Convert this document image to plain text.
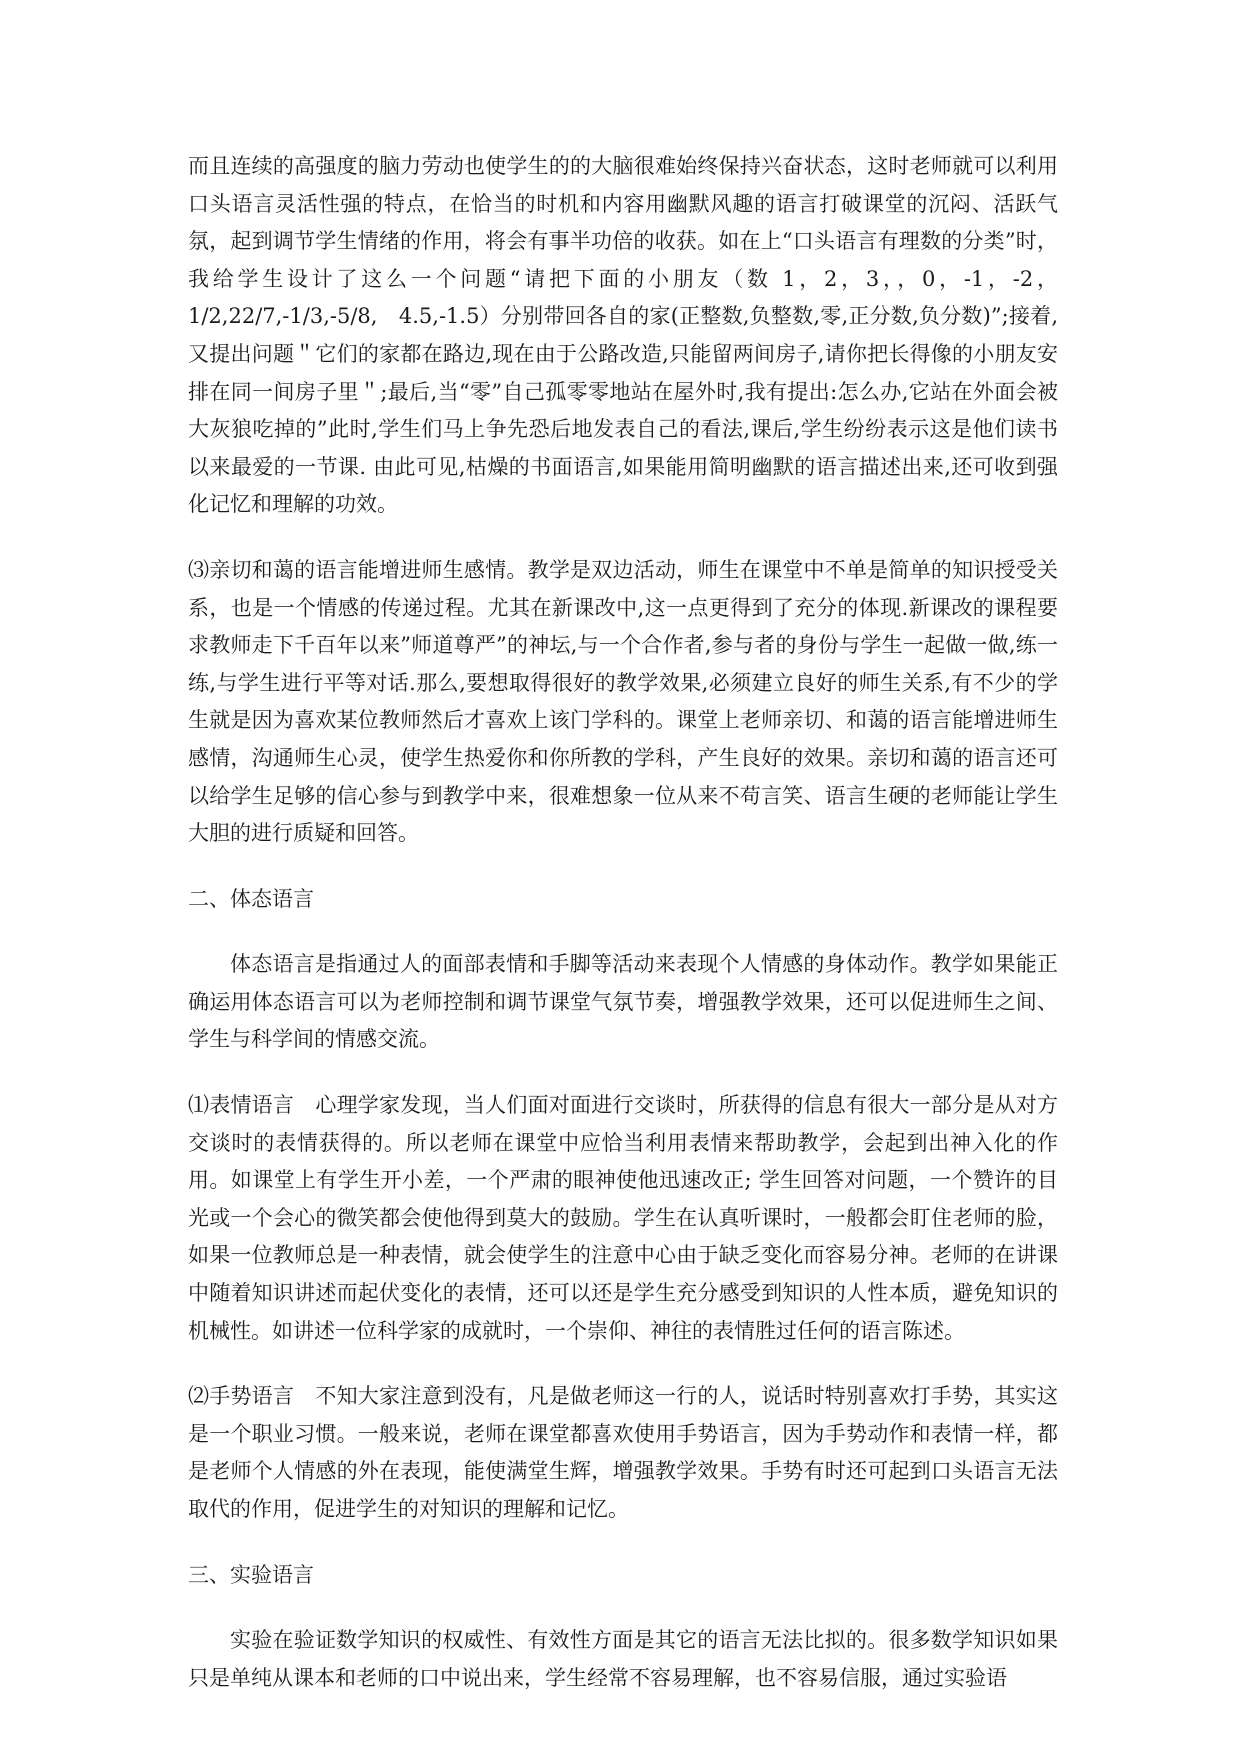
而且连续的高强度的脑力劳动也使学生的的大脑很难始终保持兴奋状态，这时老师就可以利用口头语言灵活性强的特点，在恰当的时机和内容用幽默风趣的语言打破课堂的沉闷、活跃气氛，起到调节学生情绪的作用，将会有事半功倍的收获。如在上“口头语言有理数的分类”时，我给学生设计了这么一个问题“请把下面的小朋友（数 1，2，3，，0，-1，-2，1/2,22/7,-1/3,-5/8,　4.5,-1.5）分别带回各自的家(正整数,负整数,零,正分数,负分数)”;接着,又提出问题＂它们的家都在路边,现在由于公路改造,只能留两间房子,请你把长得像的小朋友安排在同一间房子里＂;最后,当“零”自己孤零零地站在屋外时,我有提出:怎么办,它站在外面会被大灰狼吃掉的”此时,学生们马上争先恐后地发表自己的看法,课后,学生纷纷表示这是他们读书以来最爱的一节课. 由此可见,枯燥的书面语言,如果能用简明幽默的语言描述出来,还可收到强化记忆和理解的功效。

⑶亲切和蔼的语言能增进师生感情。教学是双边活动，师生在课堂中不单是简单的知识授受关系，也是一个情感的传递过程。尤其在新课改中,这一点更得到了充分的体现.新课改的课程要求教师走下千百年以来”师道尊严”的神坛,与一个合作者,参与者的身份与学生一起做一做,练一练,与学生进行平等对话.那么,要想取得很好的教学效果,必须建立良好的师生关系,有不少的学生就是因为喜欢某位教师然后才喜欢上该门学科的。课堂上老师亲切、和蔼的语言能增进师生感情，沟通师生心灵，使学生热爱你和你所教的学科，产生良好的效果。亲切和蔼的语言还可以给学生足够的信心参与到教学中来，很难想象一位从来不苟言笑、语言生硬的老师能让学生大胆的进行质疑和回答。

二、体态语言

体态语言是指通过人的面部表情和手脚等活动来表现个人情感的身体动作。教学如果能正确运用体态语言可以为老师控制和调节课堂气氛节奏，增强教学效果，还可以促进师生之间、学生与科学间的情感交流。

⑴表情语言　心理学家发现，当人们面对面进行交谈时，所获得的信息有很大一部分是从对方交谈时的表情获得的。所以老师在课堂中应恰当利用表情来帮助教学，会起到出神入化的作用。如课堂上有学生开小差，一个严肃的眼神使他迅速改正; 学生回答对问题，一个赞许的目光或一个会心的微笑都会使他得到莫大的鼓励。学生在认真听课时，一般都会盯住老师的脸，如果一位教师总是一种表情，就会使学生的注意中心由于缺乏变化而容易分神。老师的在讲课中随着知识讲述而起伏变化的表情，还可以还是学生充分感受到知识的人性本质，避免知识的机械性。如讲述一位科学家的成就时，一个崇仰、神往的表情胜过任何的语言陈述。

⑵手势语言　不知大家注意到没有，凡是做老师这一行的人，说话时特别喜欢打手势，其实这是一个职业习惯。一般来说，老师在课堂都喜欢使用手势语言，因为手势动作和表情一样，都是老师个人情感的外在表现，能使满堂生辉，增强教学效果。手势有时还可起到口头语言无法取代的作用，促进学生的对知识的理解和记忆。

三、实验语言

实验在验证数学知识的权威性、有效性方面是其它的语言无法比拟的。很多数学知识如果只是单纯从课本和老师的口中说出来，学生经常不容易理解，也不容易信服，通过实验语
